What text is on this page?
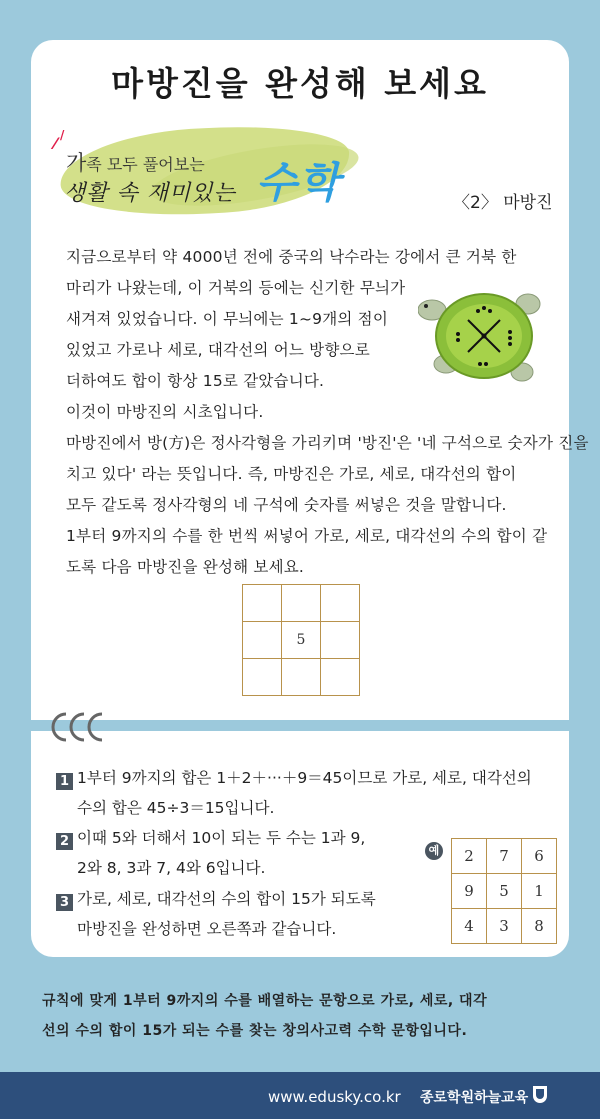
마방진을 완성해 보세요
⁄ /
가족 모두 풀어보는
생활 속 재미있는 수학	〈2〉 마방진
지금으로부터 약 4000년 전에 중국의 낙수라는 강에서 큰 거북 한
마리가 나왔는데, 이 거북의 등에는 신기한 무늬가
새겨져 있었습니다. 이 무늬에는 1~9개의 점이
있었고 가로나 세로, 대각선의 어느 방향으로
더하여도 합이 항상 15로 같았습니다.
이것이 마방진의 시초입니다.
마방진에서 방(方)은 정사각형을 가리키며 '방진'은 '네 구석으로 숫자가 진을
치고 있다' 라는 뜻입니다. 즉, 마방진은 가로, 세로, 대각선의 합이
모두 같도록 정사각형의 네 구석에 숫자를 써넣은 것을 말합니다.
1부터 9까지의 수를 한 번씩 써넣어 가로, 세로, 대각선의 수의 합이 같
도록 다음 마방진을 완성해 보세요.

	5	

1 1부터 9까지의 합은 1＋2＋···＋9＝45이므로 가로, 세로, 대각선의
수의 합은 45÷3＝15입니다.
2 이때 5와 더해서 10이 되는 두 수는 1과 9,
2와 8, 3과 7, 4와 6입니다.
3 가로, 세로, 대각선의 수의 합이 15가 되도록
마방진을 완성하면 오른쪽과 같습니다.
예 2	7	6
9	5	1
4	3	8
규칙에 맞게 1부터 9까지의 수를 배열하는 문항으로 가로, 세로, 대각
선의 수의 합이 15가 되는 수를 찾는 창의사고력 수학 문항입니다.
www.edusky.co.kr 종로학원하늘교육
